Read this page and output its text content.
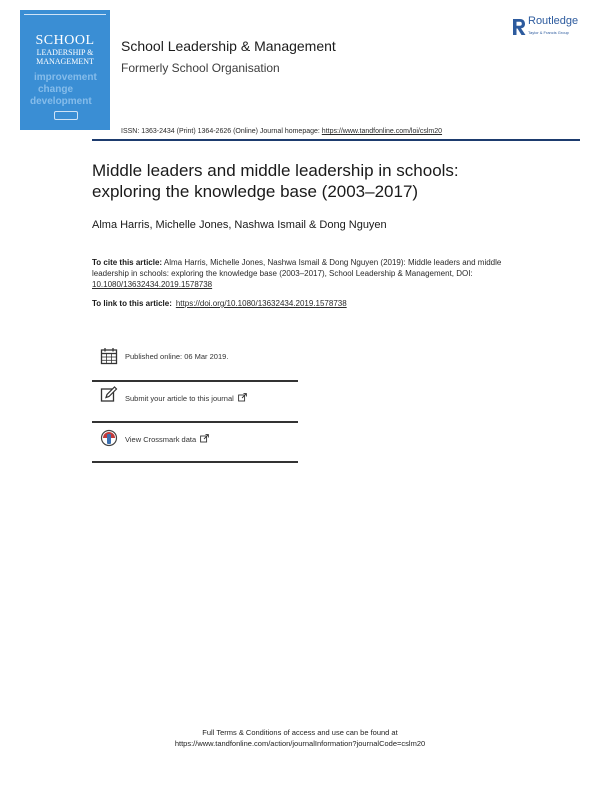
SCHOOL
LEADERSHIP &
MANAGEMENT
improvement
change
development
School Leadership & Management
Formerly School Organisation
Routledge
Taylor & Francis Group
ISSN: 1363-2434 (Print) 1364-2626 (Online) Journal homepage: https://www.tandfonline.com/loi/cslm20
Middle leaders and middle leadership in schools:
exploring the knowledge base (2003–2017)
Alma Harris, Michelle Jones, Nashwa Ismail & Dong Nguyen
To cite this article: Alma Harris, Michelle Jones, Nashwa Ismail & Dong Nguyen (2019): Middle leaders and middle leadership in schools: exploring the knowledge base (2003–2017), School Leadership & Management, DOI: 10.1080/13632434.2019.1578738
To link to this article: https://doi.org/10.1080/13632434.2019.1578738
Published online: 06 Mar 2019.
Submit your article to this journal
View Crossmark data
Full Terms & Conditions of access and use can be found at
https://www.tandfonline.com/action/journalInformation?journalCode=cslm20
